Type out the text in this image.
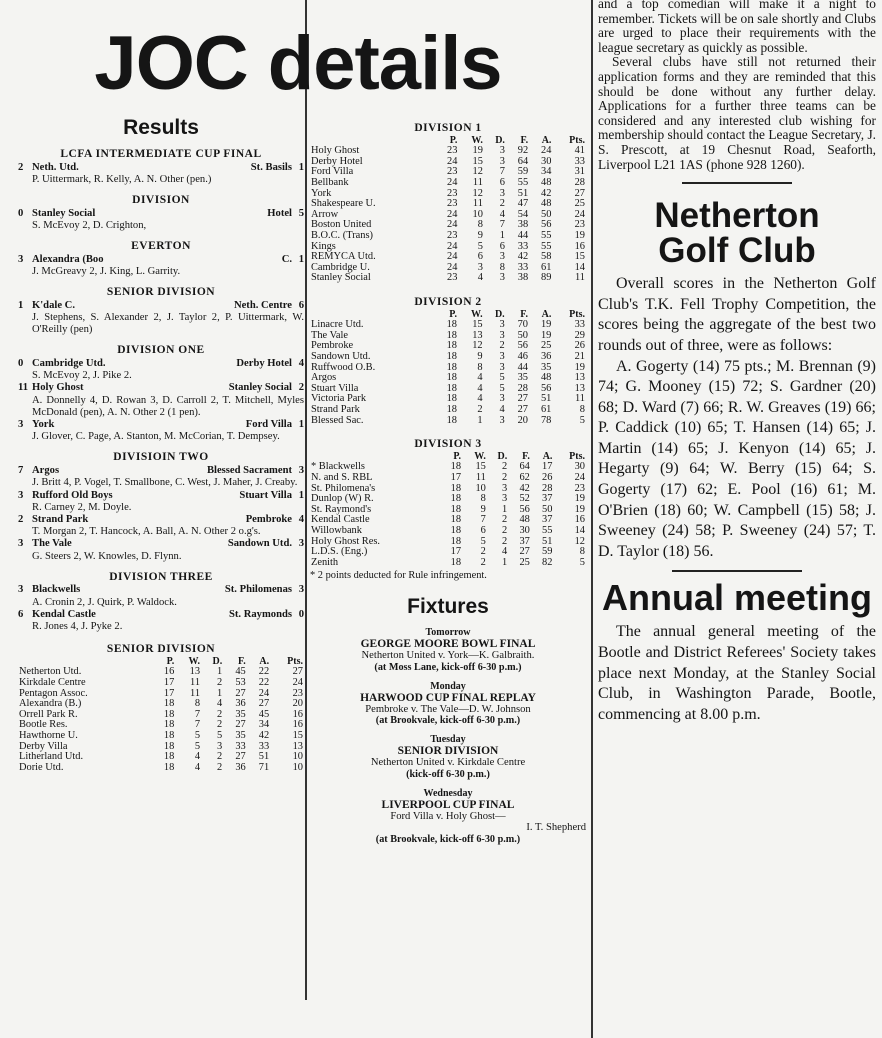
JOC details
Results
LCFA INTERMEDIATE CUP FINAL
2 Neth. Utd.	St. Basils 1
P. Uittermark, R. Kelly, A. N. Other (pen.)
DIVISION
0 Stanley Social	Hotel 5
S. McEvoy 2, D. Crighton,
EVERTON
3 Alexandra (Boo	C. 1
J. McGreavy 2, J. King, L. Garrity.
SENIOR DIVISION
1 K'dale C.	Neth. Centre 6
J. Stephens, S. Alexander 2, J. Taylor 2, P. Uittermark, W. O'Reilly (pen)
DIVISION ONE
0 Cambridge Utd.	Derby Hotel 4
S. McEvoy 2, J. Pike 2.
11 Holy Ghost	Stanley Social 2
A. Donnelly 4, D. Rowan 3, D. Carroll 2, T. Mitchell, Myles McDonald (pen), A. N. Other 2 (1 pen).
3 York	Ford Villa 1
J. Glover, C. Page, A. Stanton, M. McCorian, T. Dempsey.
DIVISIOIN TWO
7 Argos	Blessed Sacrament 3
J. Britt 4, P. Vogel, T. Smallbone, C. West, J. Maher, J. Creaby.
3 Rufford Old Boys	Stuart Villa 1
R. Carney 2, M. Doyle.
2 Strand Park	Pembroke 4
T. Morgan 2, T. Hancock, A. Ball, A. N. Other 2 o.g's.
3 The Vale	Sandown Utd. 3
G. Steers 2, W. Knowles, D. Flynn.
DIVISION THREE
3 Blackwells	St. Philomenas 3
A. Cronin 2, J. Quirk, P. Waldock.
6 Kendal Castle	St. Raymonds 0
R. Jones 4, J. Pyke 2.
SENIOR DIVISION
	P.	W.	D.	F.	A.	Pts.
Netherton Utd.	16	13	1	45	22	27
Kirkdale Centre	17	11	2	53	22	24
Pentagon Assoc.	17	11	1	27	24	23
Alexandra (B.)	18	8	4	36	27	20
Orrell Park R.	18	7	2	35	45	16
Bootle Res.	18	7	2	27	34	16
Hawthorne U.	18	5	5	35	42	15
Derby Villa	18	5	3	33	33	13
Litherland Utd.	18	4	2	27	51	10
Dorie Utd.	18	4	2	36	71	10
DIVISION 1
	P.	W.	D.	F.	A.	Pts.
Holy Ghost	23	19	3	92	24	41
Derby Hotel	24	15	3	64	30	33
Ford Villa	23	12	7	59	34	31
Bellbank	24	11	6	55	48	28
York	23	12	3	51	42	27
Shakespeare U.	23	11	2	47	48	25
Arrow	24	10	4	54	50	24
Boston United	24	8	7	38	56	23
B.O.C. (Trans)	23	9	1	44	55	19
Kings	24	5	6	33	55	16
REMYCA Utd.	24	6	3	42	58	15
Cambridge U.	24	3	8	33	61	14
Stanley Social	23	4	3	38	89	11
DIVISION 2
	P.	W.	D.	F.	A.	Pts.
Linacre Utd.	18	15	3	70	19	33
The Vale	18	13	3	50	19	29
Pembroke	18	12	2	56	25	26
Sandown Utd.	18	9	3	46	36	21
Ruffwood O.B.	18	8	3	44	35	19
Argos	18	4	5	35	48	13
Stuart Villa	18	4	5	28	56	13
Victoria Park	18	4	3	27	51	11
Strand Park	18	2	4	27	61	8
Blessed Sac.	18	1	3	20	78	5
DIVISION 3
	P.	W.	D.	F.	A.	Pts.
* Blackwells	18	15	2	64	17	30
N. and S. RBL	17	11	2	62	26	24
St. Philomena's	18	10	3	42	28	23
Dunlop (W) R.	18	8	3	52	37	19
St. Raymond's	18	9	1	56	50	19
Kendal Castle	18	7	2	48	37	16
Willowbank	18	6	2	30	55	14
Holy Ghost Res.	18	5	2	37	51	12
L.D.S. (Eng.)	17	2	4	27	59	8
Zenith	18	2	1	25	82	5
* 2 points deducted for Rule infringement.
Fixtures
Tomorrow
GEORGE MOORE BOWL FINAL
Netherton United v. York—K. Galbraith.
(at Moss Lane, kick-off 6-30 p.m.)
Monday
HARWOOD CUP FINAL REPLAY
Pembroke v. The Vale—D. W. Johnson
(at Brookvale, kick-off 6-30 p.m.)
Tuesday
SENIOR DIVISION
Netherton United v. Kirkdale Centre
(kick-off 6-30 p.m.)
Wednesday
LIVERPOOL CUP FINAL
Ford Villa v. Holy Ghost—
I. T. Shepherd
(at Brookvale, kick-off 6-30 p.m.)

and a top comedian will make it a night to remember. Tickets will be on sale shortly and Clubs are urged to place their requirements with the league secretary as quickly as possible.

Several clubs have still not returned their application forms and they are reminded that this should be done without any further delay. Applications for a further three teams can be considered and any interested club wishing for membership should contact the League Secretary, J. S. Prescott, at 19 Chesnut Road, Seaforth, Liverpool L21 1AS (phone 928 1260).

Netherton
Golf Club

Overall scores in the Netherton Golf Club's T.K. Fell Trophy Competition, the scores being the aggregate of the best two rounds out of three, were as follows:

A. Gogerty (14) 75 pts.; M. Brennan (9) 74; G. Mooney (15) 72; S. Gardner (20) 68; D. Ward (7) 66; R. W. Greaves (19) 66; P. Caddick (10) 65; T. Hansen (14) 65; J. Martin (14) 65; J. Kenyon (14) 65; J. Hegarty (9) 64; W. Berry (15) 64; S. Gogerty (17) 62; E. Pool (16) 61; M. O'Brien (18) 60; W. Campbell (15) 58; J. Sweeney (24) 58; P. Sweeney (24) 57; T. D. Taylor (18) 56.

Annual meeting

The annual general meeting of the Bootle and District Referees' Society takes place next Monday, at the Stanley Social Club, in Washington Parade, Bootle, commencing at 8.00 p.m.
